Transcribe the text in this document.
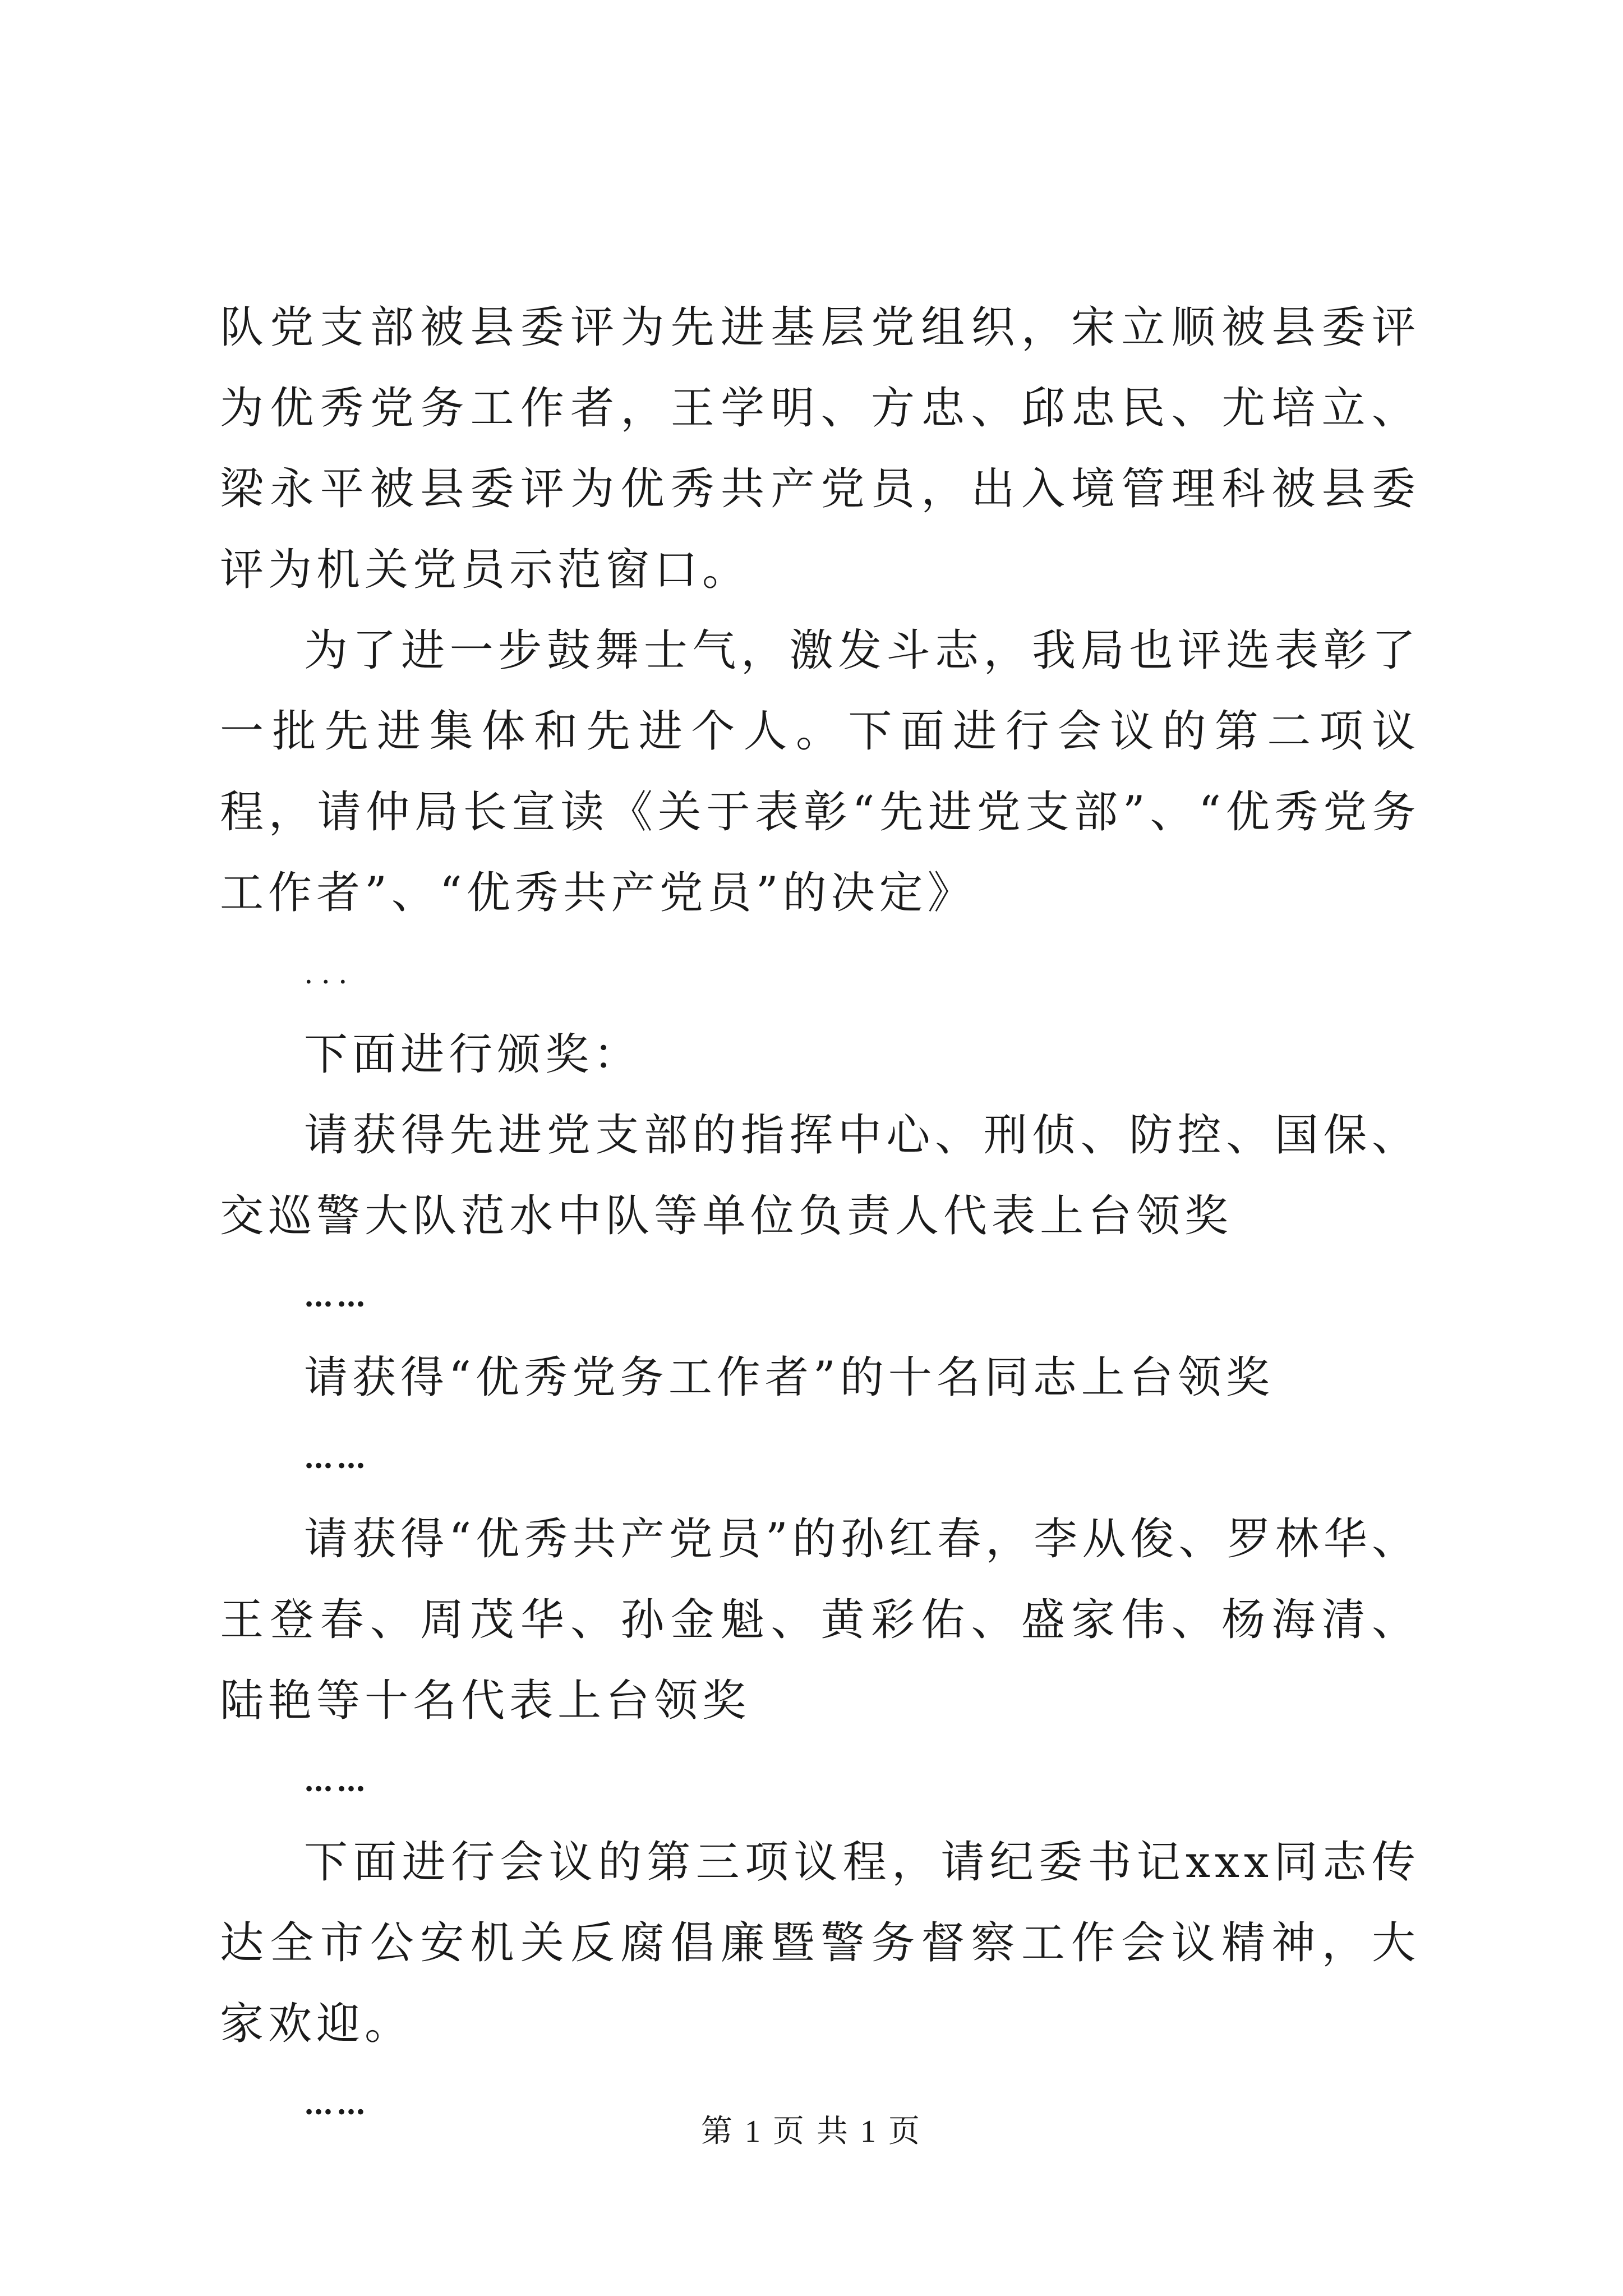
队党支部被县委评为先进基层党组织，宋立顺被县委评为优秀党务工作者，王学明、方忠、邱忠民、尤培立、梁永平被县委评为优秀共产党员，出入境管理科被县委评为机关党员示范窗口。

为了进一步鼓舞士气，激发斗志，我局也评选表彰了一批先进集体和先进个人。下面进行会议的第二项议程，请仲局长宣读《关于表彰“先进党支部”、“优秀党务工作者”、“优秀共产党员”的决定》

...

下面进行颁奖：

请获得先进党支部的指挥中心、刑侦、防控、国保、交巡警大队范水中队等单位负责人代表上台领奖

……

请获得“优秀党务工作者”的十名同志上台领奖

……

请获得“优秀共产党员”的孙红春，李从俊、罗林华、王登春、周茂华、孙金魁、黄彩佑、盛家伟、杨海清、陆艳等十名代表上台领奖

……

下面进行会议的第三项议程，请纪委书记xxx同志传达全市公安机关反腐倡廉暨警务督察工作会议精神，大家欢迎。

……

第 1 页 共 1 页
